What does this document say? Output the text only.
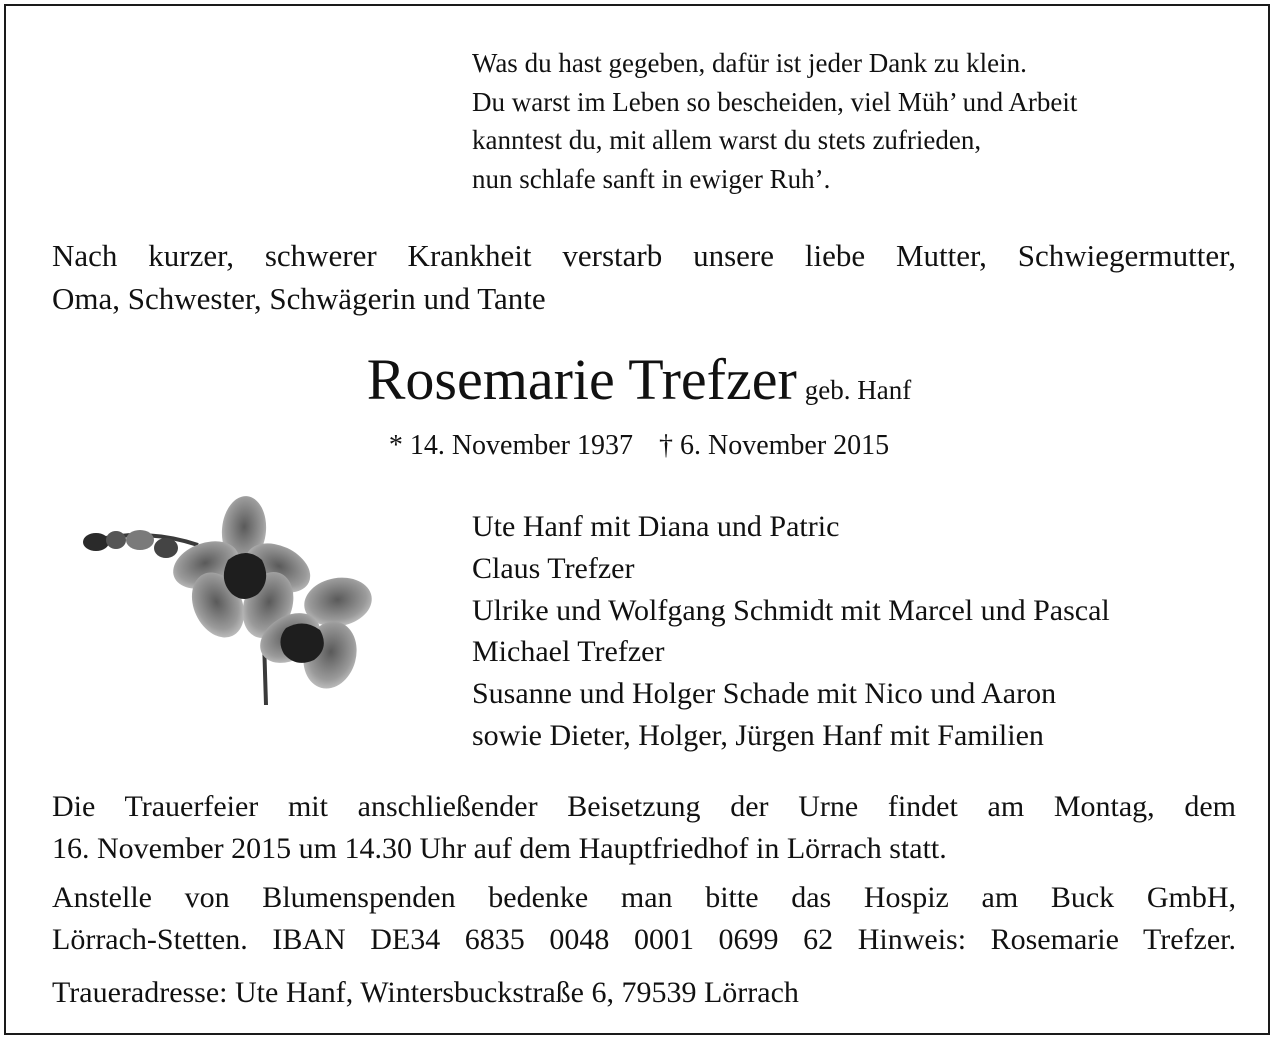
Was du hast gegeben, dafür ist jeder Dank zu klein.
Du warst im Leben so bescheiden, viel Müh’ und Arbeit
kanntest du, mit allem warst du stets zufrieden,
nun schlafe sanft in ewiger Ruh’.
Nach kurzer, schwerer Krankheit verstarb unsere liebe Mutter, Schwiegermutter,
Oma, Schwester, Schwägerin und Tante
Rosemarie Trefzer geb. Hanf
* 14. November 1937 † 6. November 2015
Ute Hanf mit Diana und Patric
Claus Trefzer
Ulrike und Wolfgang Schmidt mit Marcel und Pascal
Michael Trefzer
Susanne und Holger Schade mit Nico und Aaron
sowie Dieter, Holger, Jürgen Hanf mit Familien
Die Trauerfeier mit anschließender Beisetzung der Urne findet am Montag, dem
16. November 2015 um 14.30 Uhr auf dem Hauptfriedhof in Lörrach statt.
Anstelle von Blumenspenden bedenke man bitte das Hospiz am Buck GmbH,
Lörrach-Stetten. IBAN DE34 6835 0048 0001 0699 62 Hinweis: Rosemarie Trefzer.
Traueradresse: Ute Hanf, Wintersbuckstraße 6, 79539 Lörrach
